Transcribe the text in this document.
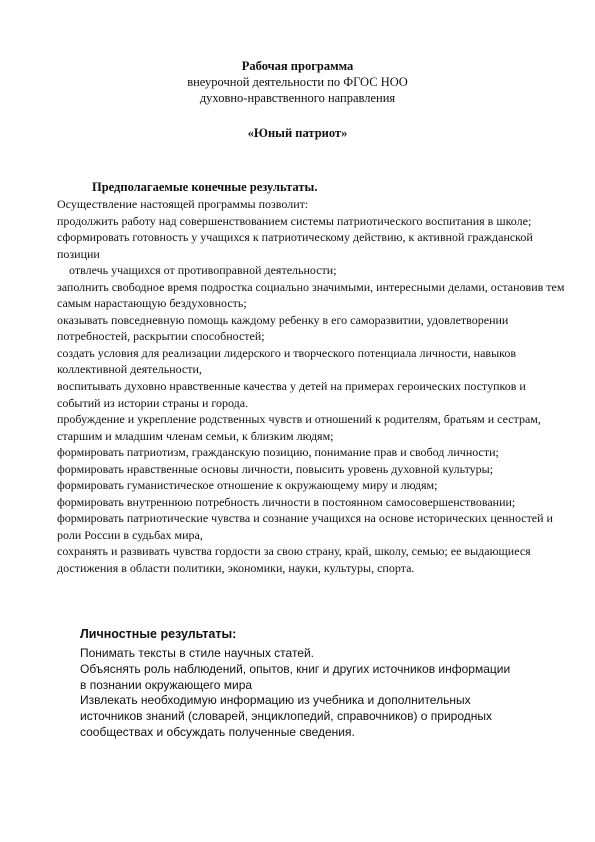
Рабочая программа
внеурочной деятельности по ФГОС НОО
духовно-нравственного направления
«Юный патриот»
Предполагаемые конечные результаты.

Осуществление настоящей программы позволит:

продолжить работу над совершенствованием системы патриотического воспитания в школе;

сформировать готовность у учащихся к патриотическому действию, к активной гражданской позиции

отвлечь учащихся от противоправной деятельности;

заполнить свободное время подростка социально значимыми, интересными делами, остановив тем самым нарастающую бездуховность;

оказывать повседневную помощь каждому ребенку в его саморазвитии, удовлетворении потребностей, раскрытии способностей;

создать условия для реализации лидерского и творческого потенциала личности, навыков коллективной деятельности,

воспитывать духовно нравственные качества у детей на примерах героических поступков и событий из истории страны и города.

пробуждение и укрепление родственных чувств и отношений к родителям, братьям и сестрам, старшим и младшим членам семьи, к близким людям;

формировать патриотизм, гражданскую позицию, понимание прав и свобод личности;

формировать нравственные основы личности, повысить уровень духовной культуры;

формировать гуманистическое отношение к окружающему миру и людям;

формировать внутреннюю потребность личности в постоянном самосовершенствовании;

формировать патриотические чувства и сознание учащихся на основе исторических ценностей и роли России в судьбах мира,

сохранять и развивать чувства гордости за свою страну, край, школу, семью; ее выдающиеся достижения в области политики, экономики, науки, культуры, спорта.

Личностные результаты:

Понимать тексты в стиле научных статей.

Объяснять роль наблюдений, опытов, книг и других источников информации

в познании окружающего мира

Извлекать необходимую информацию из учебника и дополнительных

источников знаний (словарей, энциклопедий, справочников) о природных

сообществах и обсуждать полученные сведения.
